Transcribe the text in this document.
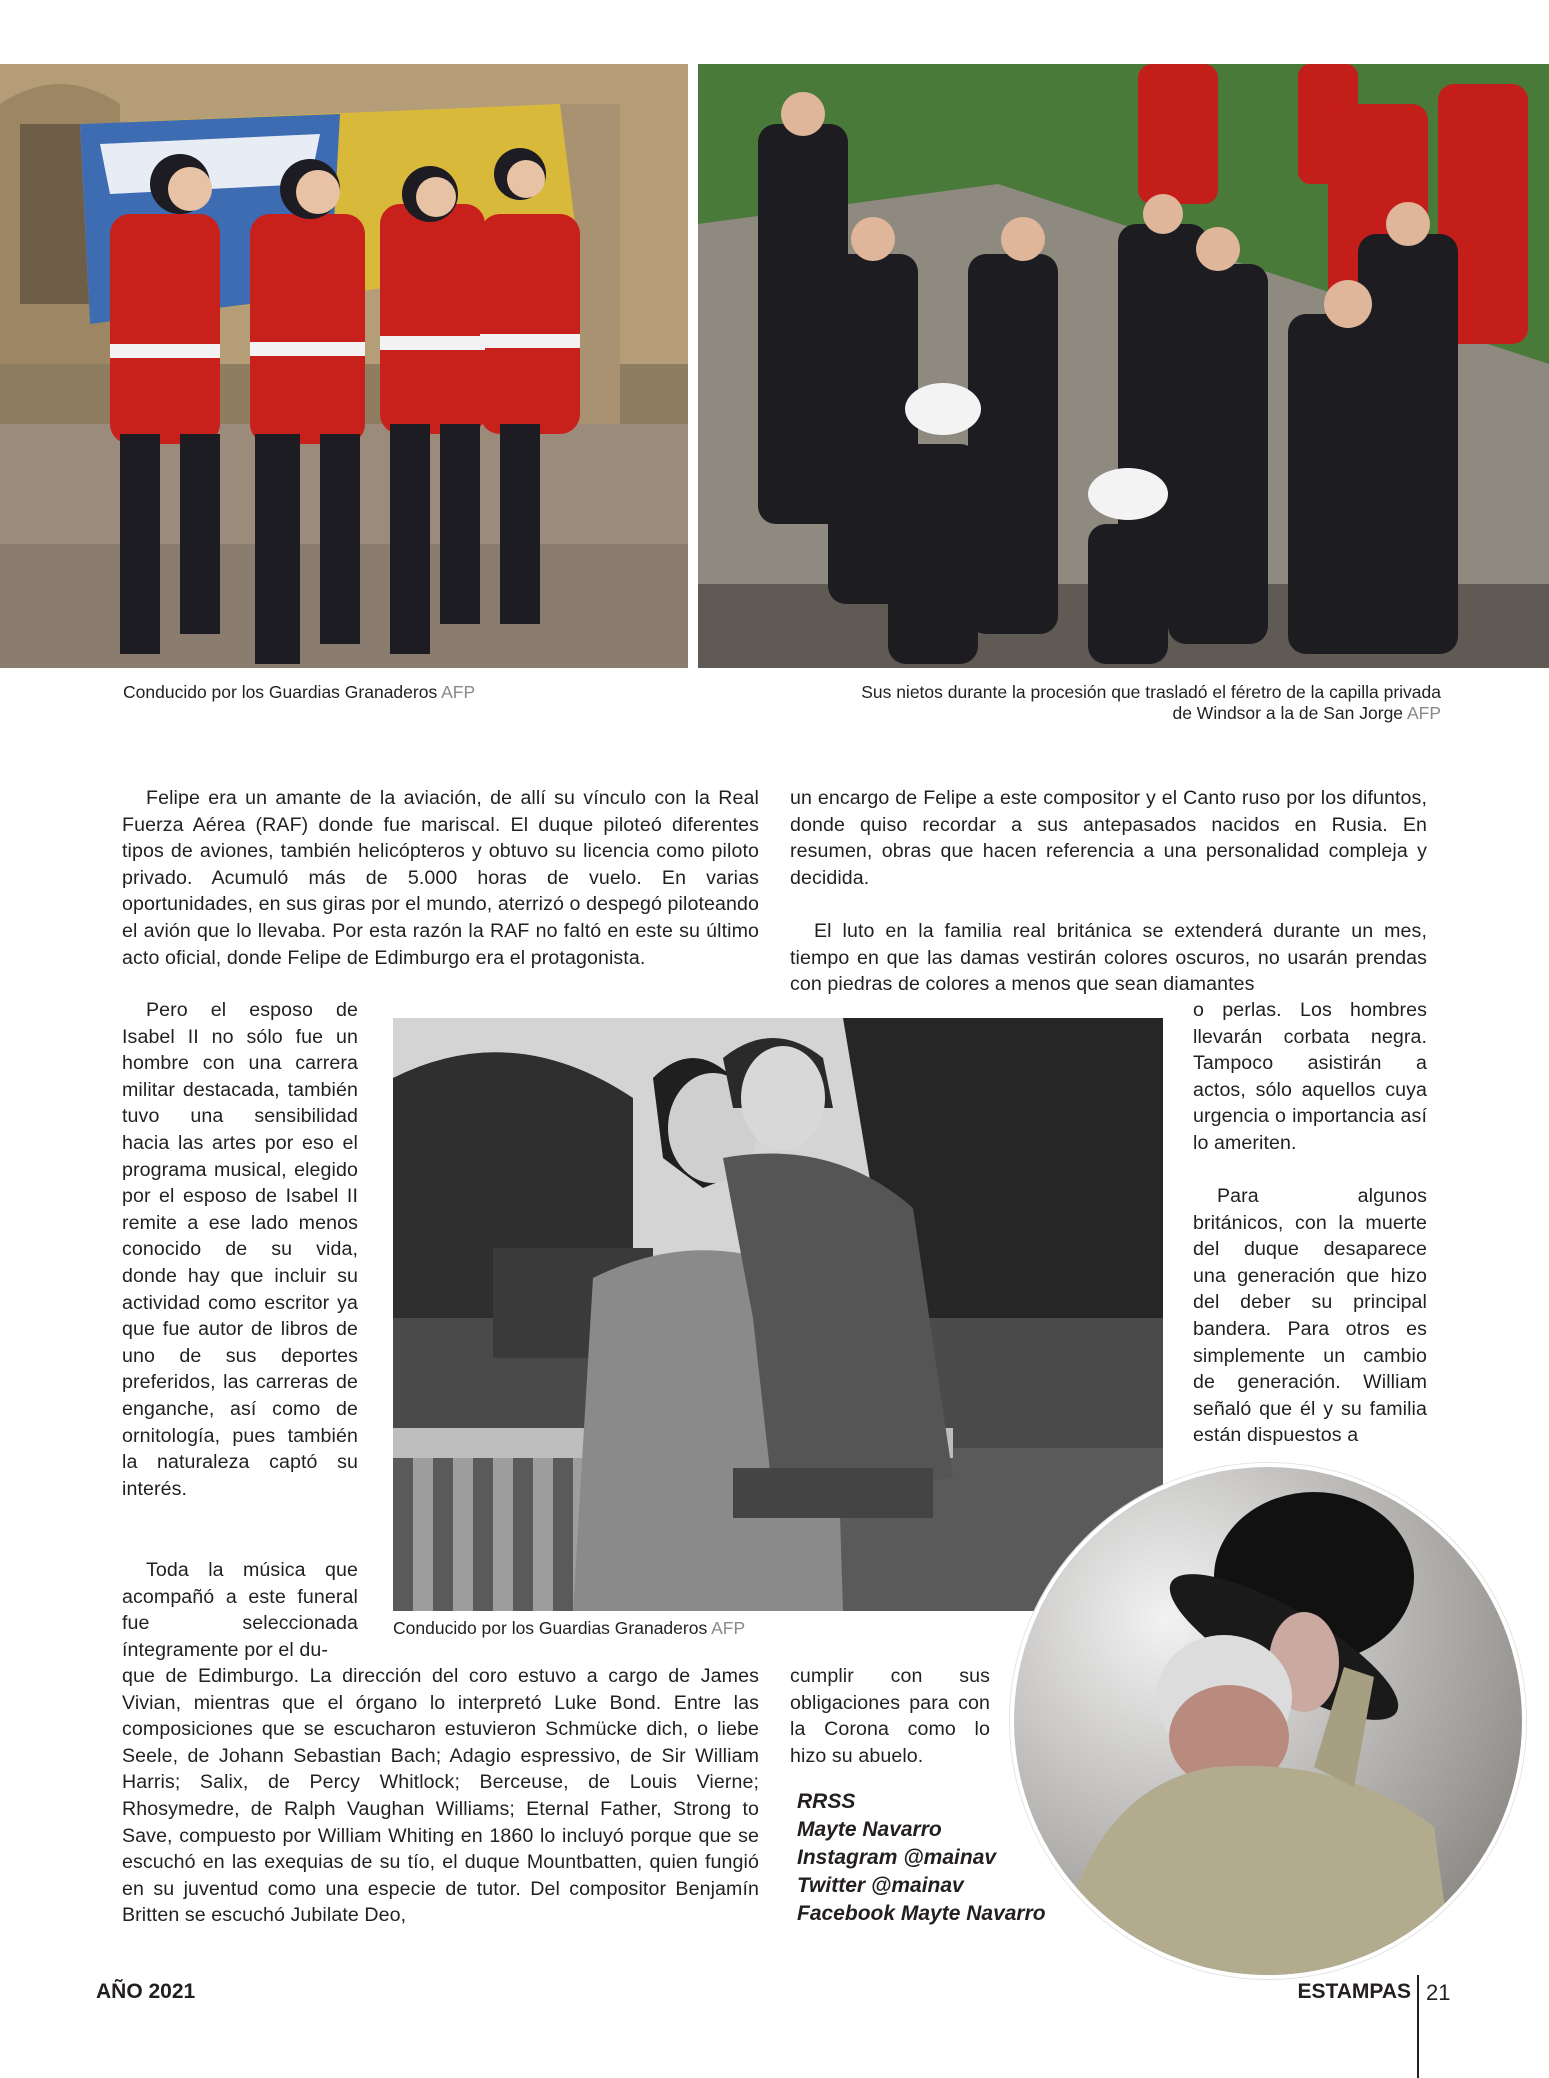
Conducido por los Guardias Granaderos AFP	Sus nietos durante la procesión que trasladó el féretro de la capilla privada
de Windsor a la de San Jorge AFP

Felipe era un amante de la aviación, de allí su vínculo con la Real Fuerza Aérea (RAF) donde fue mariscal. El duque piloteó diferentes tipos de aviones, también helicópteros y obtuvo su licencia como piloto privado. Acumuló más de 5.000 horas de vuelo. En varias oportunidades, en sus giras por el mundo, aterrizó o despegó piloteando el avión que lo llevaba. Por esta razón la RAF no faltó en este su último acto oficial, donde Felipe de Edimburgo era el protagonista.

Pero el esposo de Isabel II no sólo fue un hombre con una carrera militar destacada, también tuvo una sensibilidad hacia las artes por eso el programa musical, elegido por el esposo de Isabel II remite a ese lado menos conocido de su vida, donde hay que incluir su actividad como escritor ya que fue autor de libros de uno de sus deportes preferidos, las carreras de enganche, así como de ornitología, pues también la naturaleza captó su interés.

Toda la música que acompañó a este funeral fue seleccionada íntegramente por el du-

que de Edimburgo. La dirección del coro estuvo a cargo de James Vivian, mientras que el órgano lo interpretó Luke Bond. Entre las composiciones que se escucharon estuvieron Schmücke dich, o liebe Seele, de Johann Sebastian Bach; Adagio espressivo, de Sir William Harris; Salix, de Percy Whitlock; Berceuse, de Louis Vierne; Rhosymedre, de Ralph Vaughan Williams; Eternal Father, Strong to Save, compuesto por William Whiting en 1860 lo incluyó porque que se escuchó en las exequias de su tío, el duque Mountbatten, quien fungió en su juventud como una especie de tutor. Del compositor Benjamín Britten se escuchó Jubilate Deo,

Conducido por los Guardias Granaderos AFP

un encargo de Felipe a este compositor y el Canto ruso por los difuntos, donde quiso recordar a sus antepasados nacidos en Rusia. En resumen, obras que hacen referencia a una personalidad compleja y decidida.

El luto en la familia real británica se extenderá durante un mes, tiempo en que las damas vestirán colores oscuros, no usarán prendas con piedras de colores a menos que sean diamantes

o perlas. Los hombres llevarán corbata negra. Tampoco asistirán a actos, sólo aquellos cuya urgencia o importancia así lo ameriten.

Para algunos británicos, con la muerte del duque desaparece una generación que hizo del deber su principal bandera. Para otros es simplemente un cambio de generación. William señaló que él y su familia están dispuestos a

cumplir con sus obligaciones para con la Corona como lo hizo su abuelo.

RRSS
Mayte Navarro
Instagram @mainav
Twitter @mainav
Facebook Mayte Navarro
AÑO 2021	ESTAMPAS 21
